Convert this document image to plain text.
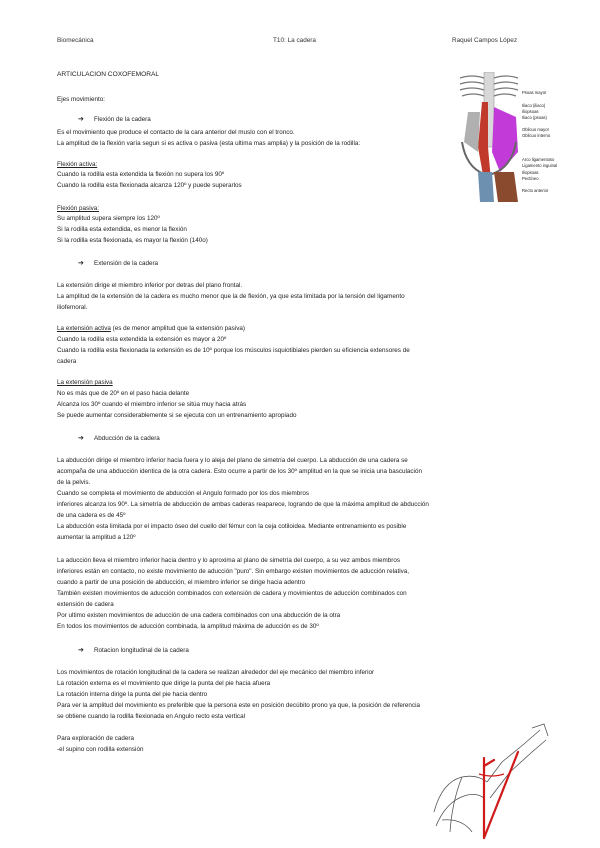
Biomecánica	T10: La cadera	Raquel Campos López
ARTICULACION COXOFEMORAL
Ejes movimiento:
➔ Flexión de la cadera
Es el movimiento que produce el contacto de la cara anterior del muslo con el tronco.
La amplitud de la flexión varía segun si es activa o pasiva (esta ultima mas amplia) y la posición de la rodilla:
Flexión activa:
Cuando la rodilla esta extendida la flexión no supera los 90º
Cuando la rodilla esta flexionada alcanza 120º y puede superarlos
Flexión pasiva:
Su amplitud supera siempre los 120º
Si la rodilla esta extendida, es menor la flexión
Si la rodilla esta flexionada, es mayor la flexión (140o)
➔ Extensión de la cadera
La extensión dirige el miembro inferior por detras del plano frontal.
La amplitud de la extensión de la cadera es mucho menor que la de flexión, ya que esta limitada por la tensión del ligamento
iliofemoral.
La extensión activa (es de menor amplitud que la extensión pasiva)
Cuando la rodilla esta extendida la extensión es mayor a 20º
Cuando la rodilla esta flexionada la extensión es de 10º porque los músculos isquiotibiales pierden su eficiencia extensores de
cadera
La extensión pasiva
No es más que de 20º en el paso hacia delante
Alcanza los 30º cuando el miembro inferior se sitúa muy hacia atrás
Se puede aumentar considerablemente si se ejecuta con un entrenamiento apropiado
➔ Abducción de la cadera
La abducción dirige el miembro inferior hacia fuera y lo aleja del plano de simetría del cuerpo. La abducción de una cadera se
acompaña de una abducción identica de la otra cadera. Esto ocurre a partir de los 30º amplitud en la que se inicia una basculación
de la pelvis.
Cuando se completa el movimiento de abducción el Angulo formado por los dos miembros
inferiores alcanza los 90º. La simetría de abducción de ambas caderas reaparece, logrando de que la máxima amplitud de abducción
de una cadera es de 45º
La abducción esta limitada por el impacto óseo del cuello del fémur con la ceja cotiloidea. Mediante entrenamiento es posible
aumentar la amplitud a 120º
La aducción lleva el miembro inferior hacia dentro y lo aproxima al plano de simetría del cuerpo, a su vez ambos miembros
inferiores están en contacto, no existe movimiento de aducción "puro". Sin embargo existen movimientos de aducción relativa,
cuando a partir de una posición de abducción, el miembro inferior se dirige hacia adentro
También existen movimientos de aducción combinados con extensión de cadera y movimientos de aducción combinados con
extensión de cadera
Por ultimo existen movimientos de aducción de una cadera combinados con una abducción de la otra
En todos los movimientos de aducción combinada, la amplitud máxima de aducción es de 30º
➔ Rotacion longitudinal de la cadera
Los movimientos de rotación longitudinal de la cadera se realizan alrededor del eje mecánico del miembro inferior
La rotación externa es el movimiento que dirige la punta del pie hacia afuera
La rotación interna dirige la punta del pie hacia dentro
Para ver la amplitud del movimiento es preferible que la persona este en posición decúbito prono ya que, la posición de referencia
se obtiene cuando la rodilla flexionada en Angulo recto esta vertical
Para exploración de cadera
-el supino con rodilla extensión
Psoas mayor
Iliaco (iliaco)
Iliopsoas
Iliaco (psoas)
Oblicuo mayor
Oblicuo interno
Arco ligamentoso
Ligamento inguinal
Iliopsoas
Pectíneo
Recto anterior
